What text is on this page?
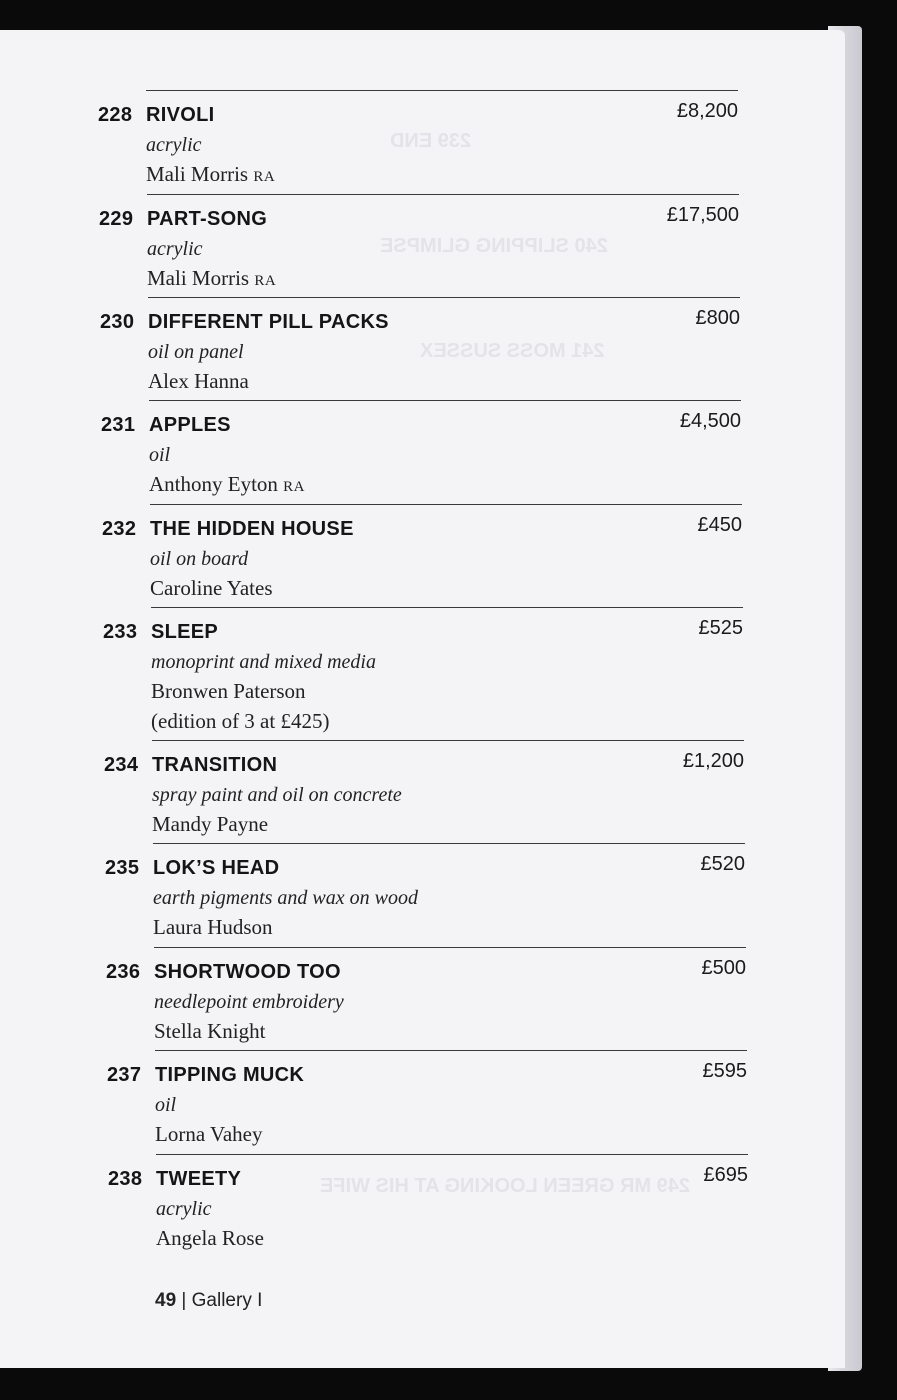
239 END
240 SLIPPING GLIMPSE
241 MOSS SUSSEX
249 MR GREEN LOOKING AT HIS WIFE
228 RIVOLI	£8,200
acrylic
Mali Morris RA
229 PART-SONG	£17,500
acrylic
Mali Morris RA
230 DIFFERENT PILL PACKS	£800
oil on panel
Alex Hanna
231 APPLES	£4,500
oil
Anthony Eyton RA
232 THE HIDDEN HOUSE	£450
oil on board
Caroline Yates
233 SLEEP	£525
monoprint and mixed media
Bronwen Paterson
(edition of 3 at £425)
234 TRANSITION	£1,200
spray paint and oil on concrete
Mandy Payne
235 LOK’S HEAD	£520
earth pigments and wax on wood
Laura Hudson
236 SHORTWOOD TOO	£500
needlepoint embroidery
Stella Knight
237 TIPPING MUCK	£595
oil
Lorna Vahey
238 TWEETY	£695
acrylic
Angela Rose
49 | Gallery I
